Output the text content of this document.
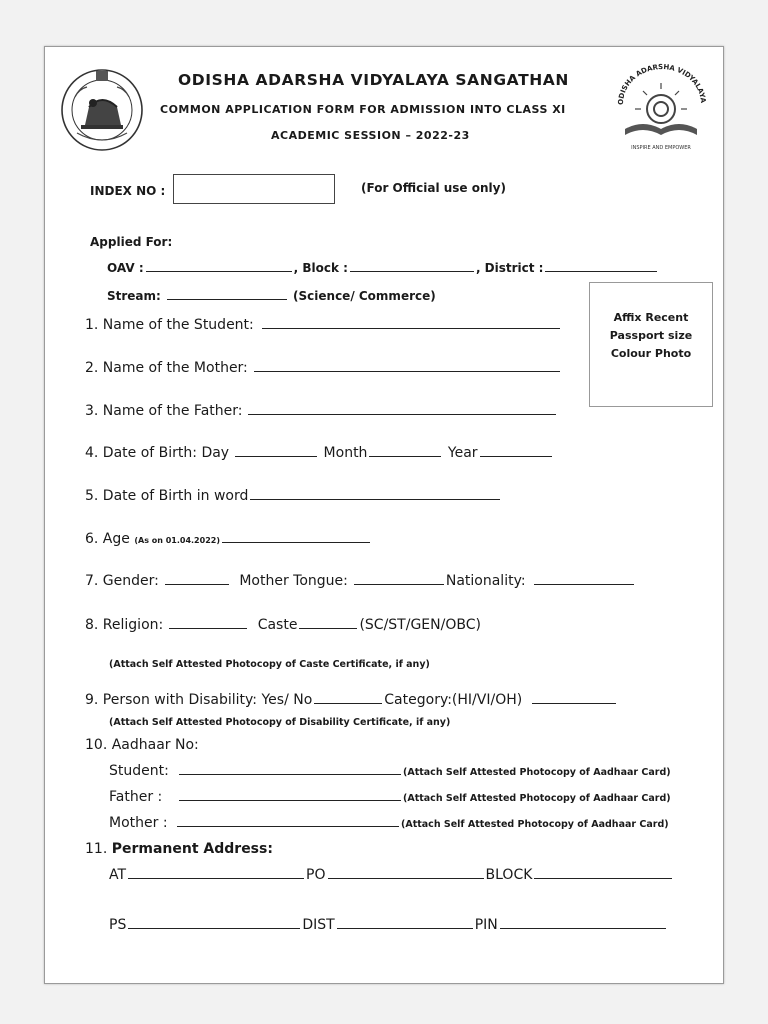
ODISHA ADARSHA VIDYALAYA SANGATHAN
COMMON APPLICATION FORM FOR ADMISSION INTO CLASS XI
ACADEMIC SESSION – 2022-23
ODISHA ADARSHA VIDYALAYA
INSPIRE AND EMPOWER
INDEX NO :	(For Official use only)
Applied For:
OAV :	, Block :	, District :
Stream:	(Science/ Commerce)
Affix Recent
Passport size
Colour Photo
1. Name of the Student:
2. Name of the Mother:
3. Name of the Father:
4. Date of Birth: Day	Month	Year
5. Date of Birth in word
6. Age (As on 01.04.2022)
7. Gender:	Mother Tongue:	Nationality:
8. Religion:	Caste	(SC/ST/GEN/OBC)
(Attach Self Attested Photocopy of Caste Certificate, if any)
9. Person with Disability: Yes/ No	Category:(HI/VI/OH)
(Attach Self Attested Photocopy of Disability Certificate, if any)
10. Aadhaar No:
Student:	(Attach Self Attested Photocopy of Aadhaar Card)
Father :	(Attach Self Attested Photocopy of Aadhaar Card)
Mother :	(Attach Self Attested Photocopy of Aadhaar Card)
11. Permanent Address:
AT	PO	BLOCK
PS	DIST	PIN
